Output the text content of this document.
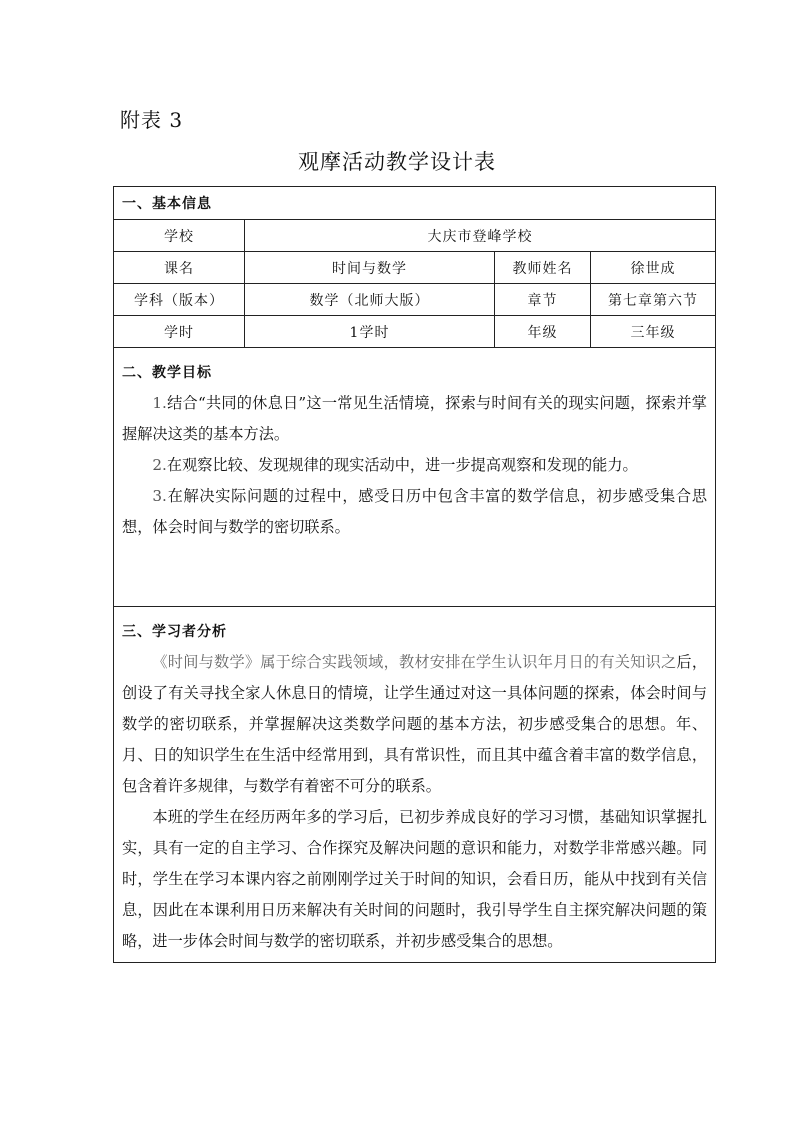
附表 3
观摩活动教学设计表
一、基本信息			
学校	大庆市登峰学校		
课名	时间与数学	教师姓名	徐世成
学科（版本）	数学（北师大版）	章节	第七章第六节
学时	1学时	年级	三年级

二、教学目标

1.结合“共同的休息日”这一常见生活情境，探索与时间有关的现实问题，探索并掌握解决这类的基本方法。

2.在观察比较、发现规律的现实活动中，进一步提高观察和发现的能力。

3.在解决实际问题的过程中，感受日历中包含丰富的数学信息，初步感受集合思想，体会时间与数学的密切联系。			

三、学习者分析

《时间与数学》属于综合实践领域，教材安排在学生认识年月日的有关知识之后，创设了有关寻找全家人休息日的情境，让学生通过对这一具体问题的探索，体会时间与数学的密切联系，并掌握解决这类数学问题的基本方法，初步感受集合的思想。年、月、日的知识学生在生活中经常用到，具有常识性，而且其中蕴含着丰富的数学信息，包含着许多规律，与数学有着密不可分的联系。

本班的学生在经历两年多的学习后，已初步养成良好的学习习惯，基础知识掌握扎实，具有一定的自主学习、合作探究及解决问题的意识和能力，对数学非常感兴趣。同时，学生在学习本课内容之前刚刚学过关于时间的知识，会看日历，能从中找到有关信息，因此在本课利用日历来解决有关时间的问题时，我引导学生自主探究解决问题的策略，进一步体会时间与数学的密切联系，并初步感受集合的思想。			
